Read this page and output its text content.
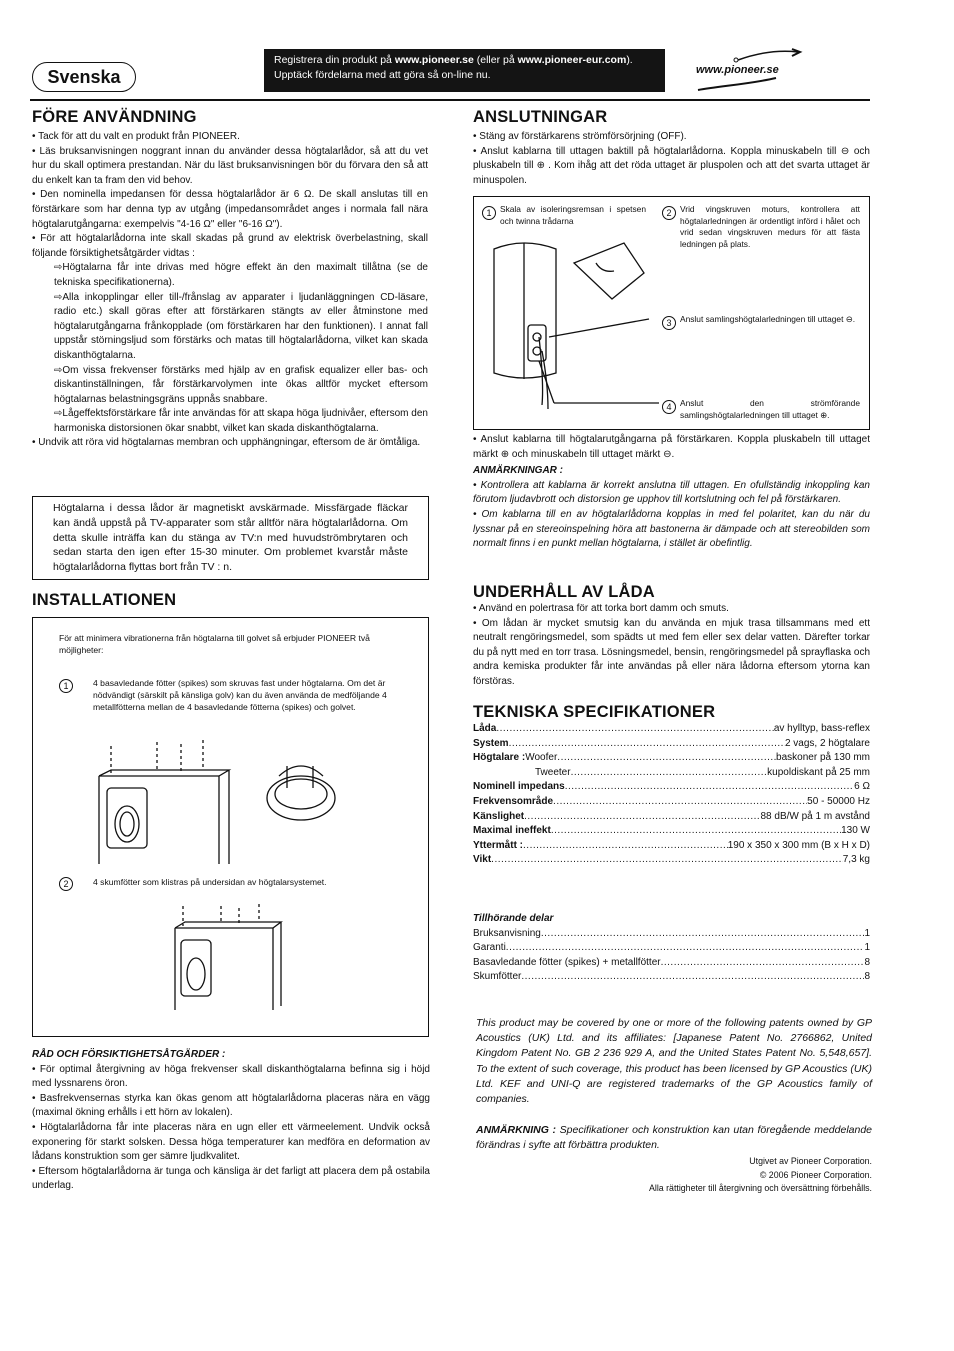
Svenska
Registrera din produkt på www.pioneer.se (eller på www.pioneer-eur.com).
Upptäck fördelarna med att göra så on-line nu.	www.pioneer.se
FÖRE ANVÄNDNING

• Tack för att du valt en produkt från PIONEER.

• Läs bruksanvisningen noggrant innan du använder dessa högtalarlådor, så att du vet hur du skall optimera prestandan. När du läst bruksanvisningen bör du förvara den så att du enkelt kan ta fram den vid behov.

• Den nominella impedansen för dessa högtalarlådor är 6 Ω. De skall anslutas till en förstärkare som har denna typ av utgång (impedansområdet anges i normala fall nära högtalarutgångarna: exempelvis "4-16 Ω" eller "6-16 Ω").

• För att högtalarlådorna inte skall skadas på grund av elektrisk överbelastning, skall följande försiktighetsåtgärder vidtas :

⇨Högtalarna får inte drivas med högre effekt än den maximalt tillåtna (se de tekniska specifikationerna).

⇨Alla inkopplingar eller till-/frånslag av apparater i ljudanläggningen CD-läsare, radio etc.) skall göras efter att förstärkaren stängts av eller åtminstone med högtalarutgångarna frånkopplade (om förstärkaren har den funktionen). I annat fall uppstår störningsljud som förstärks och matas till högtalarlådorna, vilket kan skada diskanthögtalarna.

⇨Om vissa frekvenser förstärks med hjälp av en grafisk equalizer eller bas- och diskantinställningen, får förstärkarvolymen inte ökas alltför mycket eftersom högtalarnas belastningsgräns uppnås snabbare.

⇨Lågeffektsförstärkare får inte användas för att skapa höga ljudnivåer, eftersom den harmoniska distorsionen ökar snabbt, vilket kan skada diskanthögtalarna.

• Undvik att röra vid högtalarnas membran och upphängningar, eftersom de är ömtåliga.

Högtalarna i dessa lådor är magnetiskt avskärmade. Missfärgade fläckar kan ändå uppstå på TV-apparater som står alltför nära högtalarlådorna. Om detta skulle inträffa kan du stänga av TV:n med huvudströmbrytaren och sedan starta den igen efter 15-30 minuter. Om problemet kvarstår måste högtalarlådorna flyttas bort från TV : n.
INSTALLATIONEN
För att minimera vibrationerna från högtalarna till golvet så erbjuder PIONEER två möjligheter:
1	4 basavledande fötter (spikes) som skruvas fast under högtalarna. Om det är nödvändigt (särskilt på känsliga golv) kan du även använda de medföljande 4 metallfötterna mellan de 4 basavledande fötterna (spikes) och golvet.
2	4 skumfötter som klistras på undersidan av högtalarsystemet.

RÅD OCH FÖRSIKTIGHETSÅTGÄRDER :

• För optimal återgivning av höga frekvenser skall diskanthögtalarna befinna sig i höjd med lyssnarens öron.

• Basfrekvensernas styrka kan ökas genom att högtalarlådorna placeras nära en vägg (maximal ökning erhålls i ett hörn av lokalen).

• Högtalarlådorna får inte placeras nära en ugn eller ett värmeelement. Undvik också exponering för starkt solsken. Dessa höga temperaturer kan medföra en deformation av lådans konstruktion som ger sämre ljudkvalitet.

• Eftersom högtalarlådorna är tunga och känsliga är det farligt att placera dem på ostabila underlag.

ANSLUTNINGAR

• Stäng av förstärkarens strömförsörjning (OFF).

• Anslut kablarna till uttagen baktill på högtalarlådorna. Koppla minuskabeln till ⊖ och pluskabeln till ⊕ . Kom ihåg att det röda uttaget är pluspolen och att det svarta uttaget är minuspolen.

1	Skala av isoleringsremsan i spetsen och twinna trådarna
2	Vrid vingskruven moturs, kontrollera att högtalarledningen är ordentligt införd i hålet och vrid sedan vingskruven medurs för att fästa ledningen på plats.
3	Anslut samlingshögtalarledningen till uttaget ⊖.
4	Anslut den strömförande samlingshögtalarledningen till uttaget ⊕.

• Anslut kablarna till högtalarutgångarna på förstärkaren. Koppla pluskabeln till uttaget märkt ⊕ och minuskabeln till uttaget märkt ⊖.

ANMÄRKNINGAR :

• Kontrollera att kablarna är korrekt anslutna till uttagen. En ofullständig inkoppling kan förutom ljudavbrott och distorsion ge upphov till kortslutning och fel på förstärkaren.

• Om kablarna till en av högtalarlådorna kopplas in med fel polaritet, kan du när du lyssnar på en stereoinspelning höra att bastonerna är dämpade och att stereobilden som normalt finns i en punkt mellan högtalarna, i stället är obefintlig.

UNDERHÅLL AV LÅDA

• Använd en polertrasa för att torka bort damm och smuts.

• Om lådan är mycket smutsig kan du använda en mjuk trasa tillsammans med ett neutralt rengöringsmedel, som spädts ut med fem eller sex delar vatten. Därefter torkar du på nytt med en torr trasa. Lösningsmedel, bensin, rengöringsmedel på sprayflaska och andra kemiska produkter får inte användas på eller nära lådorna eftersom ytorna kan förstöras.

TEKNISKA SPECIFIKATIONER
Låda .....	av hylltyp, bass-reflex
System .....	2 vags, 2 högtalare
Högtalare : Woofer .....	baskoner på 130 mm
Tweeter .....	kupoldiskant på 25 mm
Nominell impedans .....	6 Ω
Frekvensområde .....	50 - 50000 Hz
Känslighet .....	88 dB/W på 1 m avstånd
Maximal ineffekt .....	130 W
Yttermått : .....	190 x 350 x 300 mm (B x H x D)
Vikt .....	7,3 kg
Tillhörande delar
Bruksanvisning .....	1
Garanti .....	1
Basavledande fötter (spikes) + metallfötter .....	8
Skumfötter .....	8
This product may be covered by one or more of the following patents owned by GP Acoustics (UK) Ltd. and its affiliates: [Japanese Patent No. 2766862, United Kingdom Patent No. GB 2 236 929 A, and the United States Patent No. 5,548,657]. To the extent of such coverage, this product has been licensed by GP Acoustics (UK) Ltd. KEF and UNI-Q are registered trademarks of the GP Acoustics family of companies.
ANMÄRKNING : Specifikationer och konstruktion kan utan föregående meddelande förändras i syfte att förbättra produkten.
Utgivet av Pioneer Corporation.
© 2006 Pioneer Corporation.
Alla rättigheter till återgivning och översättning förbehålls.
